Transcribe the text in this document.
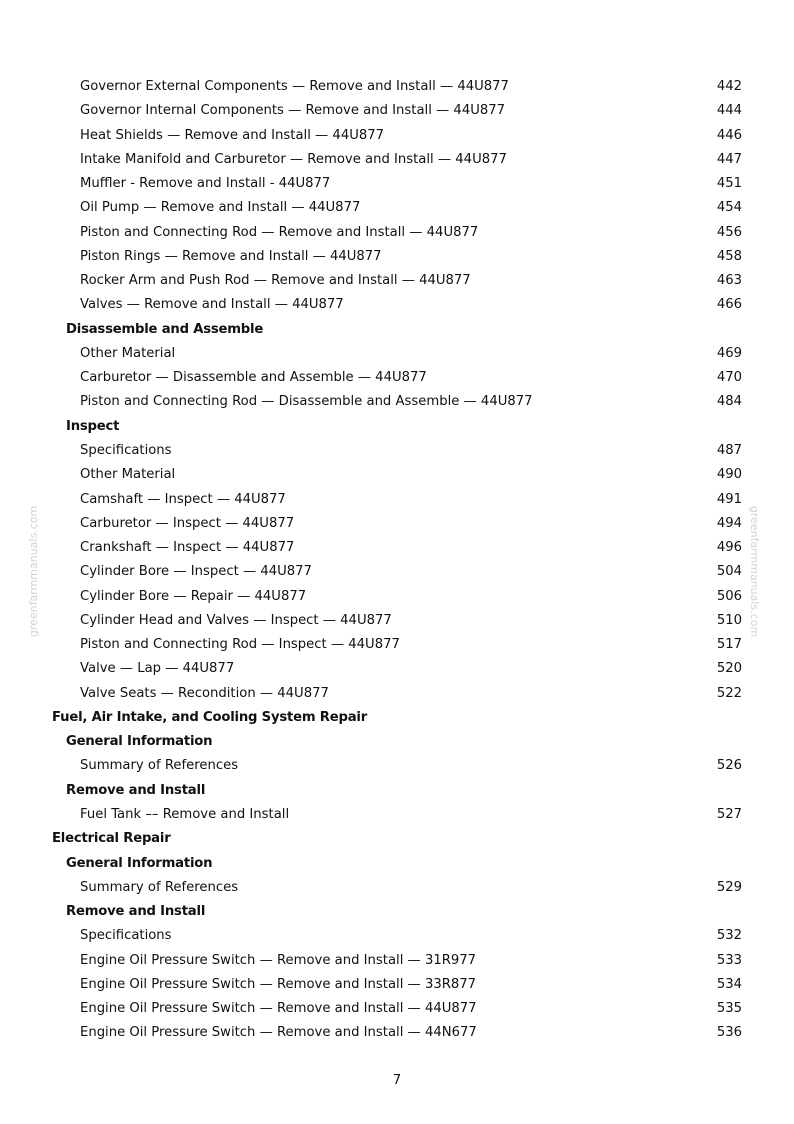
Governor External Components — Remove and Install — 44U877	442
Governor Internal Components — Remove and Install — 44U877	444
Heat Shields — Remove and Install — 44U877	446
Intake Manifold and Carburetor — Remove and Install — 44U877	447
Muffler - Remove and Install - 44U877	451
Oil Pump — Remove and Install — 44U877	454
Piston and Connecting Rod — Remove and Install — 44U877	456
Piston Rings — Remove and Install — 44U877	458
Rocker Arm and Push Rod — Remove and Install — 44U877	463
Valves — Remove and Install — 44U877	466
Disassemble and Assemble
Other Material	469
Carburetor — Disassemble and Assemble — 44U877	470
Piston and Connecting Rod — Disassemble and Assemble — 44U877	484
Inspect
Specifications	487
Other Material	490
Camshaft — Inspect — 44U877	491
Carburetor — Inspect — 44U877	494
Crankshaft — Inspect — 44U877	496
Cylinder Bore — Inspect — 44U877	504
Cylinder Bore — Repair — 44U877	506
Cylinder Head and Valves — Inspect — 44U877	510
Piston and Connecting Rod — Inspect — 44U877	517
Valve — Lap — 44U877	520
Valve Seats — Recondition — 44U877	522
Fuel, Air Intake, and Cooling System Repair
General Information
Summary of References	526
Remove and Install
Fuel Tank –– Remove and Install	527
Electrical Repair
General Information
Summary of References	529
Remove and Install
Specifications	532
Engine Oil Pressure Switch — Remove and Install — 31R977	533
Engine Oil Pressure Switch — Remove and Install — 33R877	534
Engine Oil Pressure Switch — Remove and Install — 44U877	535
Engine Oil Pressure Switch — Remove and Install — 44N677	536
greenfarmmanuals.com	greenfarmmanuals.com
7
